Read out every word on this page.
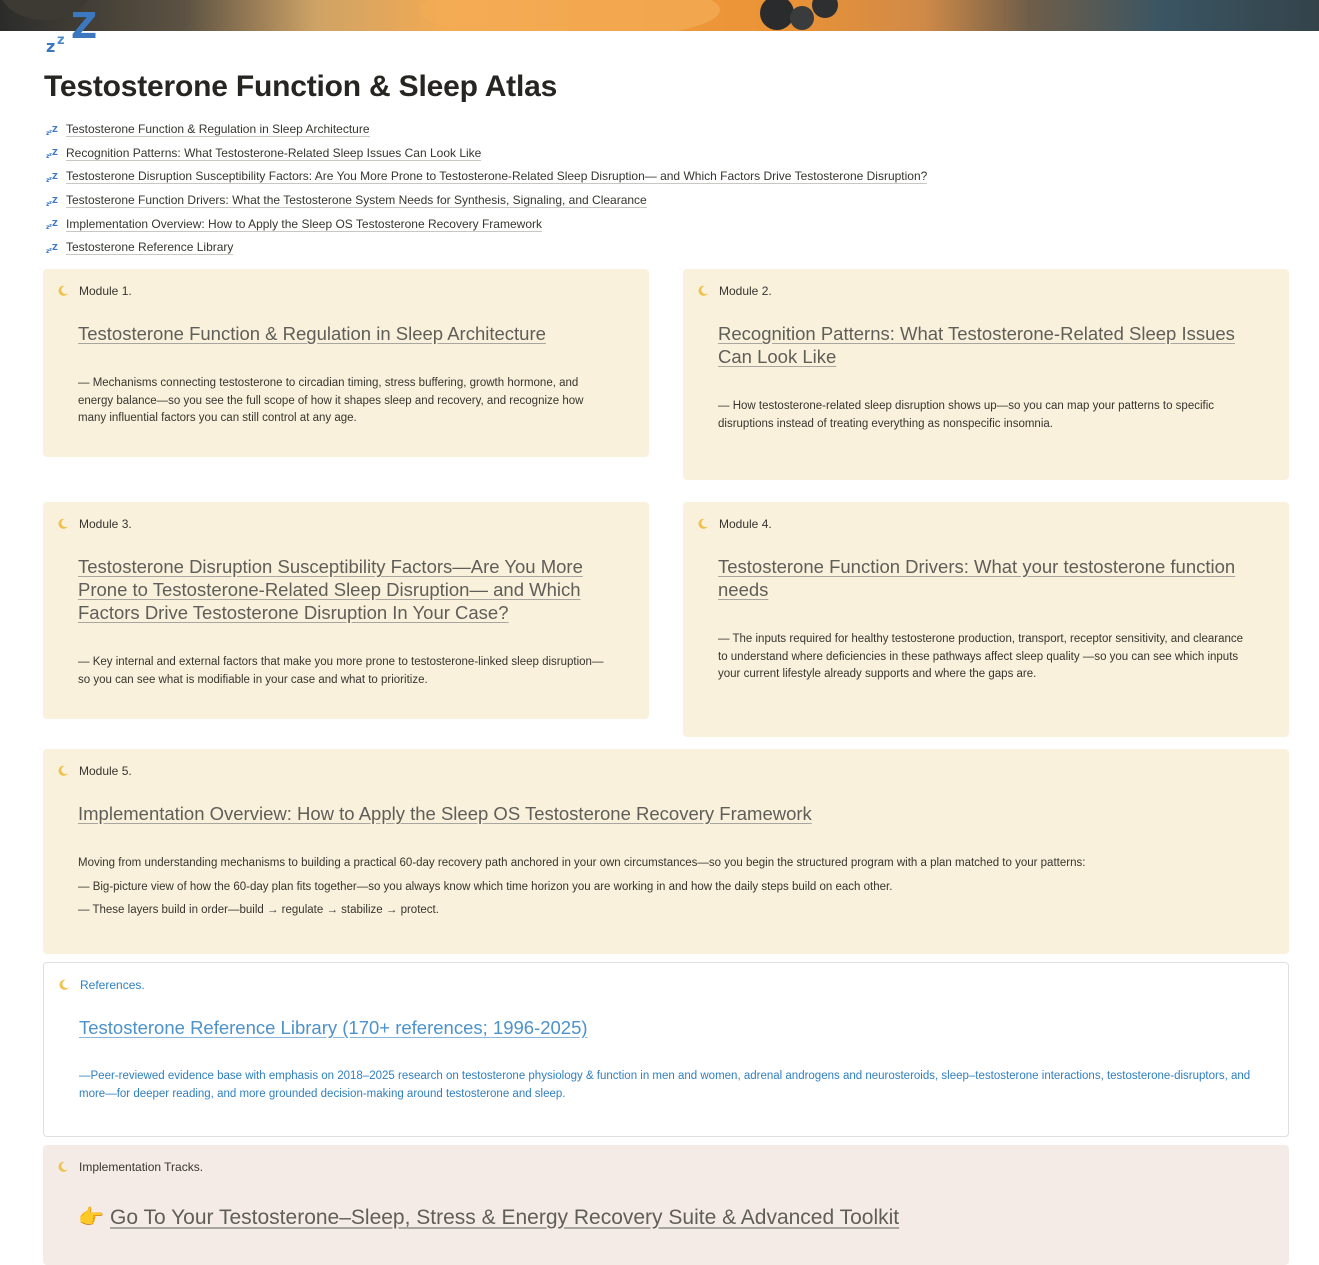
z z Z
Testosterone Function & Sleep Atlas
z z Z Testosterone Function & Regulation in Sleep Architecture
z z Z Recognition Patterns: What Testosterone-Related Sleep Issues Can Look Like
z z Z Testosterone Disruption Susceptibility Factors: Are You More Prone to Testosterone-Related Sleep Disruption— and Which Factors Drive Testosterone Disruption?
z z Z Testosterone Function Drivers: What the Testosterone System Needs for Synthesis, Signaling, and Clearance
z z Z Implementation Overview: How to Apply the Sleep OS Testosterone Recovery Framework
z z Z Testosterone Reference Library
Module 1.
Testosterone Function & Regulation in Sleep Architecture

— Mechanisms connecting testosterone to circadian timing, stress buffering, growth hormone, and energy balance—so you see the full scope of how it shapes sleep and recovery, and recognize how many influential factors you can still control at any age.

Module 2.
Recognition Patterns: What Testosterone-Related Sleep Issues Can Look Like

— How testosterone-related sleep disruption shows up—so you can map your patterns to specific disruptions instead of treating everything as nonspecific insomnia.

Module 3.
Testosterone Disruption Susceptibility Factors—Are You More Prone to Testosterone-Related Sleep Disruption— and Which Factors Drive Testosterone Disruption In Your Case?

— Key internal and external factors that make you more prone to testosterone-linked sleep disruption—so you can see what is modifiable in your case and what to prioritize.

Module 4.
Testosterone Function Drivers: What your testosterone function needs

— The inputs required for healthy testosterone production, transport, receptor sensitivity, and clearance to understand where deficiencies in these pathways affect sleep quality —so you can see which inputs your current lifestyle already supports and where the gaps are.

Module 5.
Implementation Overview: How to Apply the Sleep OS Testosterone Recovery Framework
Moving from understanding mechanisms to building a practical 60-day recovery path anchored in your own circumstances—so you begin the structured program with a plan matched to your patterns:
— Big-picture view of how the 60-day plan fits together—so you always know which time horizon you are working in and how the daily steps build on each other.
— These layers build in order—build → regulate → stabilize → protect.
References.
Testosterone Reference Library (170+ references; 1996-2025)

—Peer-reviewed evidence base with emphasis on 2018–2025 research on testosterone physiology & function in men and women, adrenal androgens and neurosteroids, sleep–testosterone interactions, testosterone-disruptors, and more—for deeper reading, and more grounded decision-making around testosterone and sleep.

Implementation Tracks.
👉 Go To Your Testosterone–Sleep, Stress & Energy Recovery Suite & Advanced Toolkit
